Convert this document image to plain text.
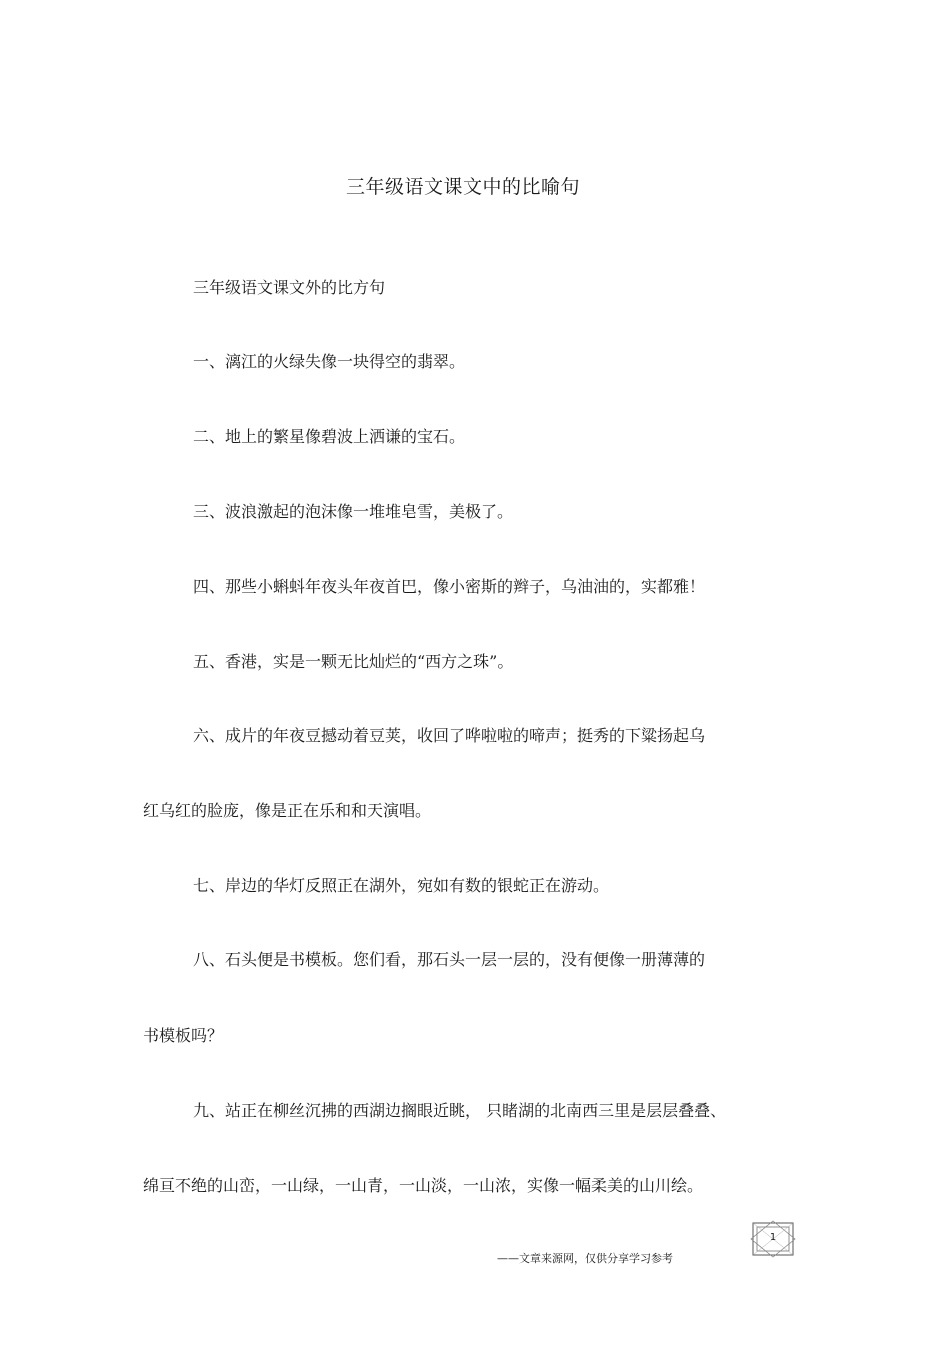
三年级语文课文中的比喻句
三年级语文课文外的比方句
一、漓江的火绿失像一块得空的翡翠。
二、地上的繁星像碧波上洒谦的宝石。
三、波浪激起的泡沫像一堆堆皂雪，美极了。
四、那些小蝌蚪年夜头年夜首巴，像小密斯的辫子，乌油油的，实都雅！
五、香港，实是一颗无比灿烂的“西方之珠”。
六、成片的年夜豆撼动着豆荚，收回了哗啦啦的啼声；挺秀的下粱扬起乌
红乌红的脸庞，像是正在乐和和天演唱。
七、岸边的华灯反照正在湖外，宛如有数的银蛇正在游动。
八、石头便是书模板。您们看，那石头一层一层的，没有便像一册薄薄的
书模板吗？
九、站正在柳丝沉拂的西湖边搁眼近眺， 只睹湖的北南西三里是层层叠叠、
绵亘不绝的山峦，一山绿，一山青，一山淡，一山浓，实像一幅柔美的山川绘。
1
——文章来源网，仅供分享学习参考
